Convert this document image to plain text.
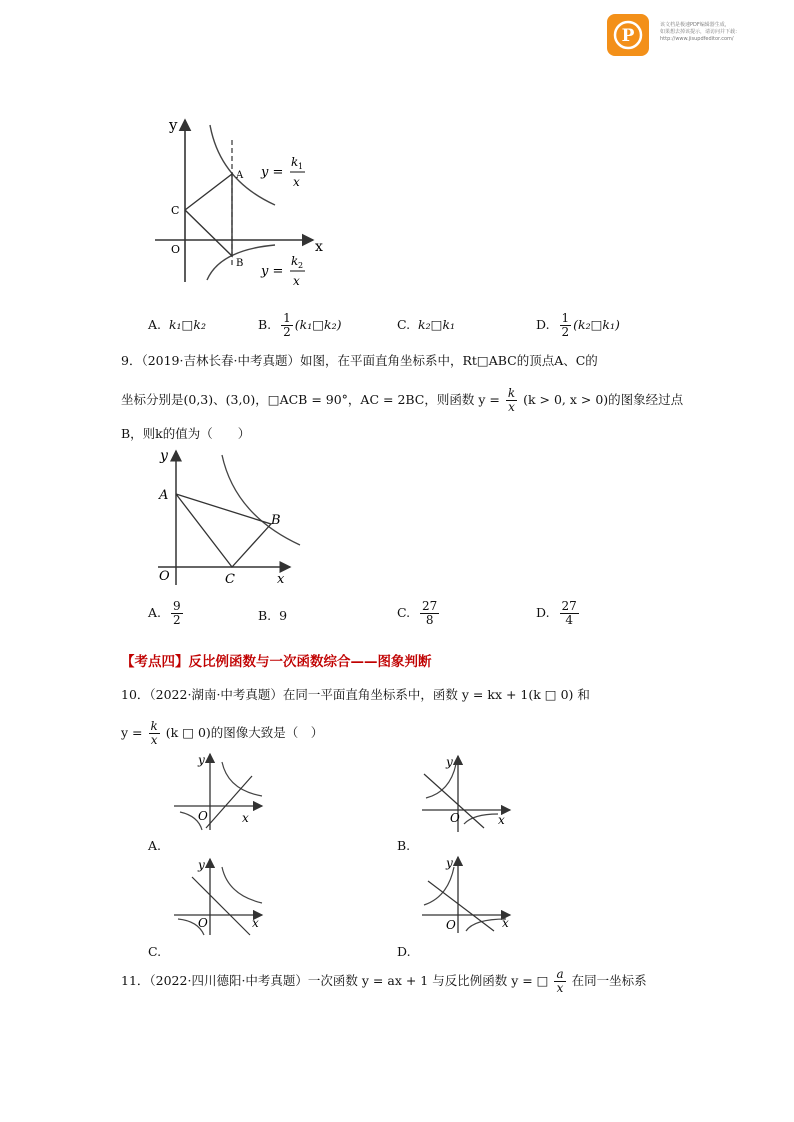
P
该文档是极速PDF编辑器生成，
如果想去掉该提示，请访问并下载：
http://www.jisupdfeditor.com/
y
x
O
C
A
B
y =
k 1
x
y =
k 2
x
A. k₁□k₂	B. $\frac{1}{2}$ (k₁□k₂)	C. k₂□k₁	D. $\frac{1}{2}$ (k₂□k₁)
9．（2019·吉林长春·中考真题）如图，在平面直角坐标系中，Rt□ABC的顶点A、C的
坐标分别是(0,3)、(3,0)，□ACB = 90°，AC = 2BC，则函数 $y = \frac{k}{x} (k > 0$, x > 0)的图象经过点
B，则k的值为（　　）
y
A
B
O	C	x
A. $\frac{9}{2}$	B. 9	C. $\frac{27}{8}$	D. $\frac{27}{4}$
【考点四】反比例函数与一次函数综合——图象判断
10．（2022·湖南·中考真题）在同一平面直角坐标系中，函数 y = kx + 1(k □ 0) 和
$y = \frac{k}{x} (k$ □ 0)的图像大致是（　）
y
x
O
A.
y
x
O
B.
y
x
O
C.
y
x
O
D.
11．（2022·四川德阳·中考真题）一次函数 y = ax + 1 与反比例函数 y = □ $\frac{a}{x}$ 在同一坐标系
